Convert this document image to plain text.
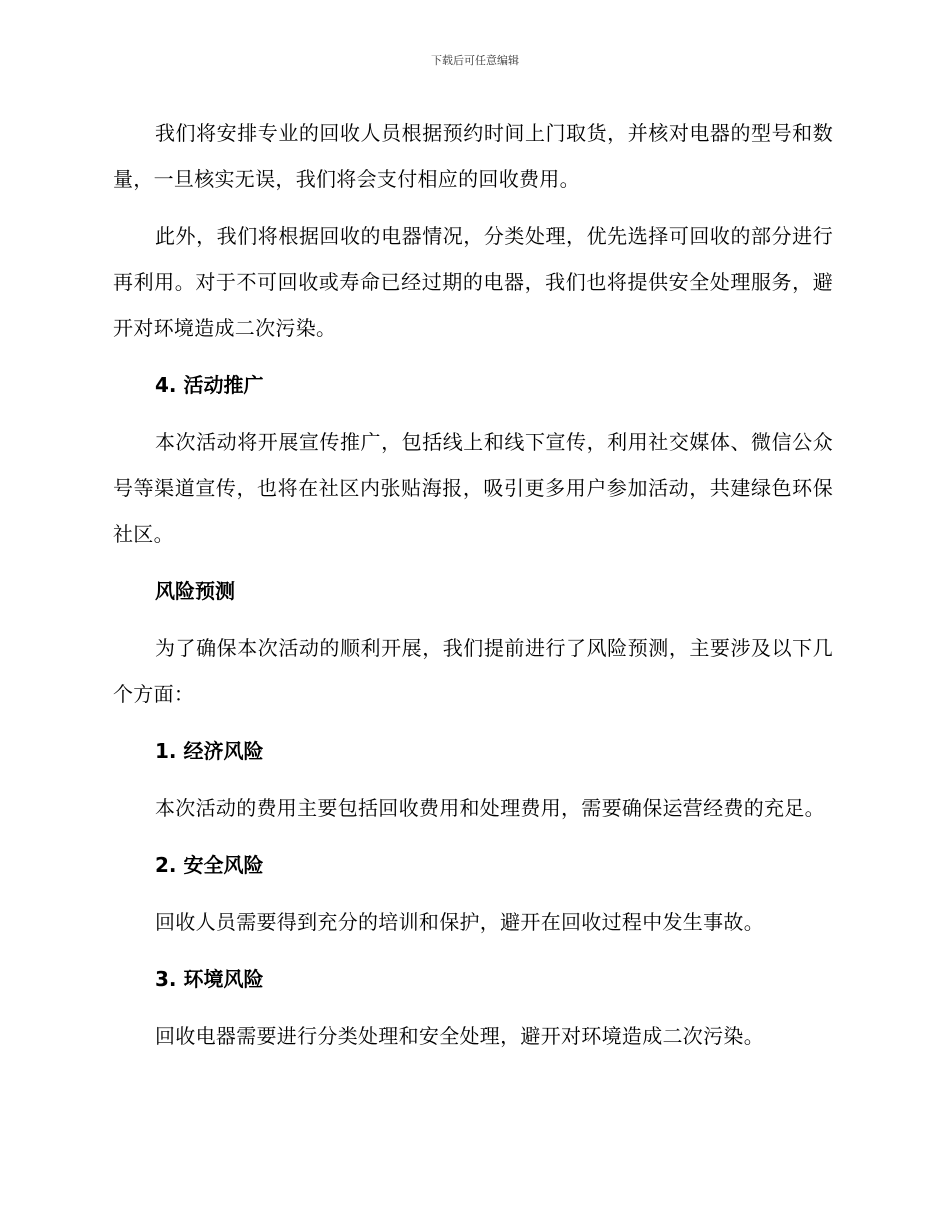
下载后可任意编辑

我们将安排专业的回收人员根据预约时间上门取货，并核对电器的型号和数量，一旦核实无误，我们将会支付相应的回收费用。

此外，我们将根据回收的电器情况，分类处理，优先选择可回收的部分进行再利用。对于不可回收或寿命已经过期的电器，我们也将提供安全处理服务，避开对环境造成二次污染。

4. 活动推广

本次活动将开展宣传推广，包括线上和线下宣传，利用社交媒体、微信公众号等渠道宣传，也将在社区内张贴海报，吸引更多用户参加活动，共建绿色环保社区。

风险预测

为了确保本次活动的顺利开展，我们提前进行了风险预测，主要涉及以下几个方面：

1. 经济风险

本次活动的费用主要包括回收费用和处理费用，需要确保运营经费的充足。

2. 安全风险

回收人员需要得到充分的培训和保护，避开在回收过程中发生事故。

3. 环境风险

回收电器需要进行分类处理和安全处理，避开对环境造成二次污染。
